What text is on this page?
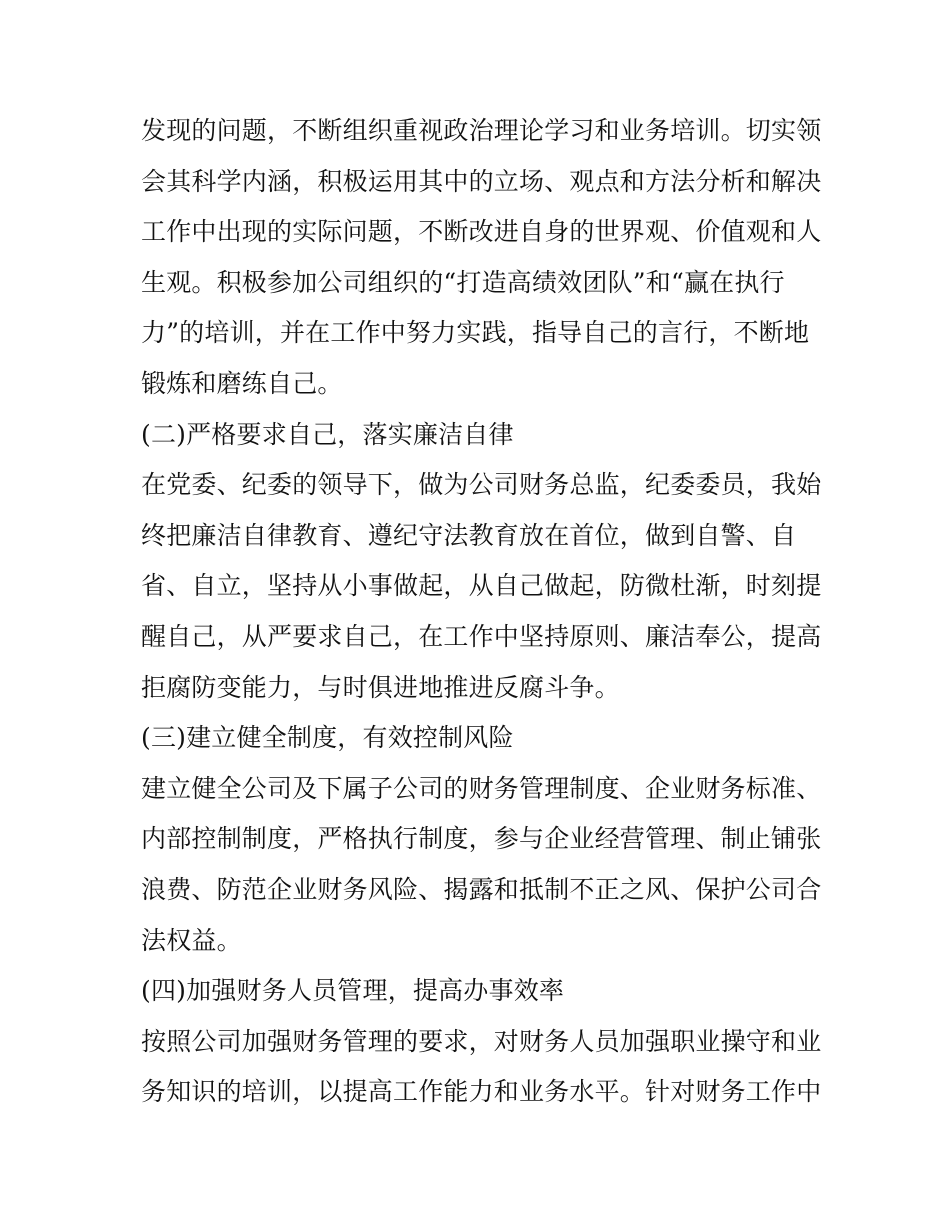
发现的问题，不断组织重视政治理论学习和业务培训。切实领
会其科学内涵，积极运用其中的立场、观点和方法分析和解决
工作中出现的实际问题，不断改进自身的世界观、价值观和人
生观。积极参加公司组织的“打造高绩效团队”和“赢在执行
力”的培训，并在工作中努力实践，指导自己的言行，不断地
锻炼和磨练自己。
(二)严格要求自己，落实廉洁自律
在党委、纪委的领导下，做为公司财务总监，纪委委员，我始
终把廉洁自律教育、遵纪守法教育放在首位，做到自警、自
省、自立，坚持从小事做起，从自己做起，防微杜渐，时刻提
醒自己，从严要求自己，在工作中坚持原则、廉洁奉公，提高
拒腐防变能力，与时俱进地推进反腐斗争。
(三)建立健全制度，有效控制风险
建立健全公司及下属子公司的财务管理制度、企业财务标准、
内部控制制度，严格执行制度，参与企业经营管理、制止铺张
浪费、防范企业财务风险、揭露和抵制不正之风、保护公司合
法权益。
(四)加强财务人员管理，提高办事效率
按照公司加强财务管理的要求，对财务人员加强职业操守和业
务知识的培训，以提高工作能力和业务水平。针对财务工作中
